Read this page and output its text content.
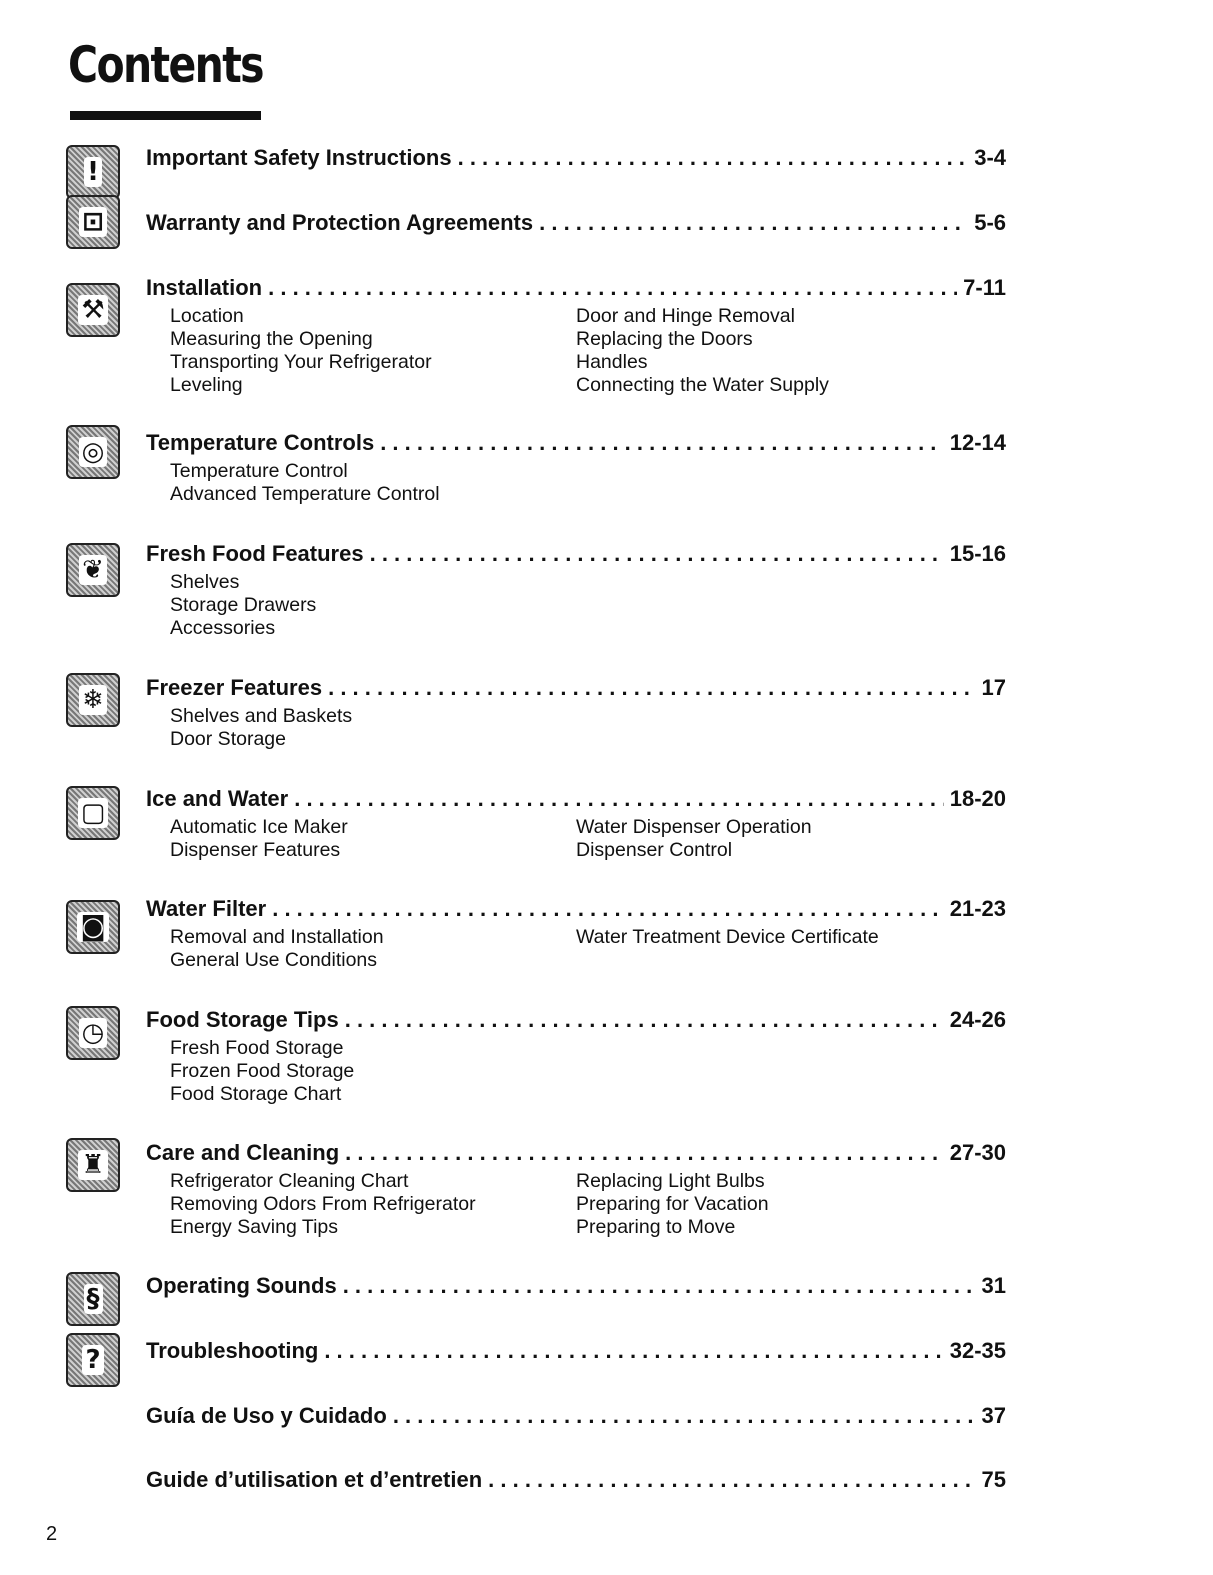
Contents
! Important Safety Instructions . . .	3-4
⊡ Warranty and Protection Agreements . . .	5-6
⚒
Installation . . .	7-11
Location	Door and Hinge Removal
Measuring the Opening	Replacing the Doors
Transporting Your Refrigerator	Handles
Leveling	Connecting the Water Supply
◎ Temperature Controls . . .	12-14
Temperature Control
Advanced Temperature Control
❦
Fresh Food Features . . .	15-16
Shelves
Storage Drawers
Accessories
❄ Freezer Features . . .	17
Shelves and Baskets
Door Storage
▢ Ice and Water . . .	18-20
Automatic Ice Maker	Water Dispenser Operation
Dispenser Features	Dispenser Control
◙
Water Filter . . .	21-23
Removal and Installation	Water Treatment Device Certificate
General Use Conditions
◷ Food Storage Tips . . .	24-26
Fresh Food Storage
Frozen Food Storage
Food Storage Chart
♜ Care and Cleaning . . .	27-30
Refrigerator Cleaning Chart	Replacing Light Bulbs
Removing Odors From Refrigerator	Preparing for Vacation
Energy Saving Tips	Preparing to Move
§ Operating Sounds . . .	31
? Troubleshooting . . .	32-35
Guía de Uso y Cuidado . . .	37
Guide d’utilisation et d’entretien . . .	75
2
